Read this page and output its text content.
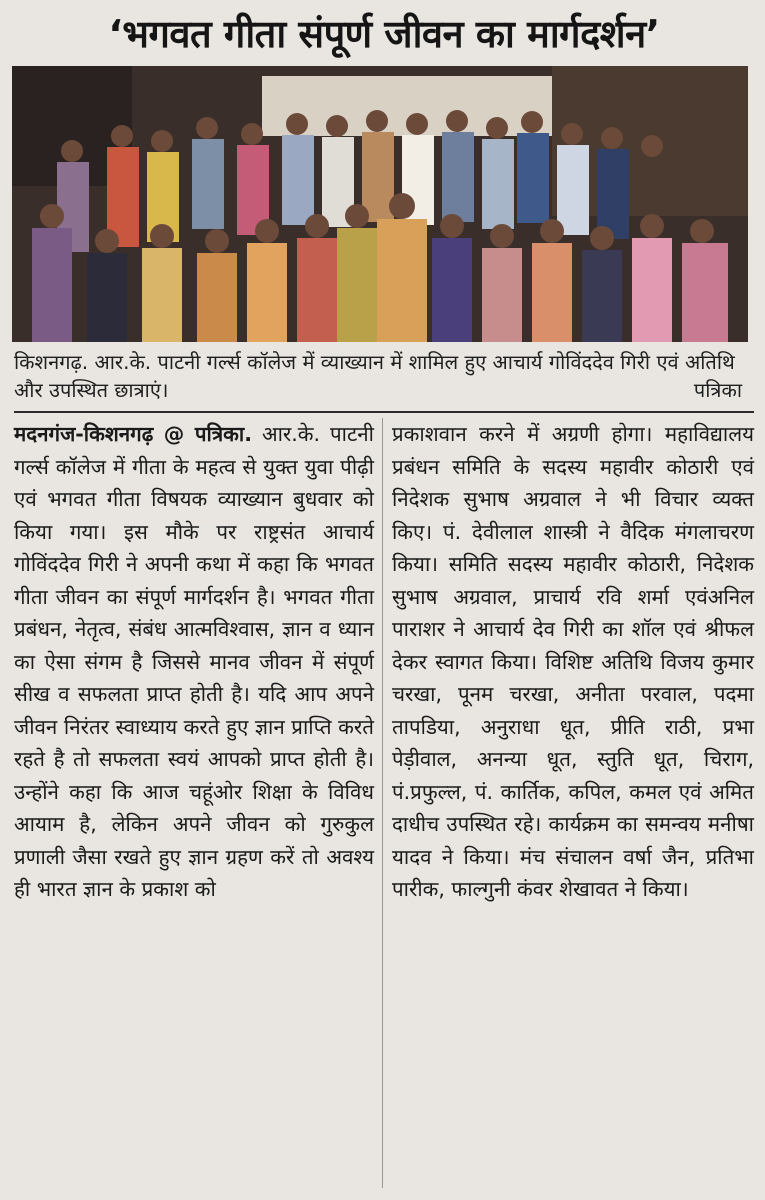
‘भगवत गीता संपूर्ण जीवन का मार्गदर्शन’
किशनगढ़. आर.के. पाटनी गर्ल्स कॉलेज में व्याख्यान में शामिल हुए आचार्य गोविंददेव गिरी एवं अतिथि और उपस्थित छात्राएं।	पत्रिका
मदनगंज-किशनगढ़ @ पत्रिका. आर.के. पाटनी गर्ल्स कॉलेज में गीता के महत्व से युक्त युवा पीढ़ी एवं भगवत गीता विषयक व्याख्यान बुधवार को किया गया। इस मौके पर राष्ट्रसंत आचार्य गोविंददेव गिरी ने अपनी कथा में कहा कि भगवत गीता जीवन का संपूर्ण मार्गदर्शन है। भगवत गीता प्रबंधन, नेतृत्व, संबंध आत्मविश्वास, ज्ञान व ध्यान का ऐसा संगम है जिससे मानव जीवन में संपूर्ण सीख व सफलता प्राप्त होती है। यदि आप अपने जीवन निरंतर स्वाध्याय करते हुए ज्ञान प्राप्ति करते रहते है तो सफलता स्वयं आपको प्राप्त होती है। उन्होंने कहा कि आज चहूंओर शिक्षा के विविध आयाम है, लेकिन अपने जीवन को गुरुकुल प्रणाली जैसा रखते हुए ज्ञान ग्रहण करें तो अवश्य ही भारत ज्ञान के प्रकाश को
प्रकाशवान करने में अग्रणी होगा। महाविद्यालय प्रबंधन समिति के सदस्य महावीर कोठारी एवं निदेशक सुभाष अग्रवाल ने भी विचार व्यक्त किए। पं. देवीलाल शास्त्री ने वैदिक मंगलाचरण किया। समिति सदस्य महावीर कोठारी, निदेशक सुभाष अग्रवाल, प्राचार्य रवि शर्मा एवंअनिल पाराशर ने आचार्य देव गिरी का शॉल एवं श्रीफल देकर स्वागत किया। विशिष्ट अतिथि विजय कुमार चरखा, पूनम चरखा, अनीता परवाल, पदमा तापडिया, अनुराधा धूत, प्रीति राठी, प्रभा पेड़ीवाल, अनन्या धूत, स्तुति धूत, चिराग, पं.प्रफुल्ल, पं. कार्तिक, कपिल, कमल एवं अमित दाधीच उपस्थित रहे। कार्यक्रम का समन्वय मनीषा यादव ने किया। मंच संचालन वर्षा जैन, प्रतिभा पारीक, फाल्गुनी कंवर शेखावत ने किया।
